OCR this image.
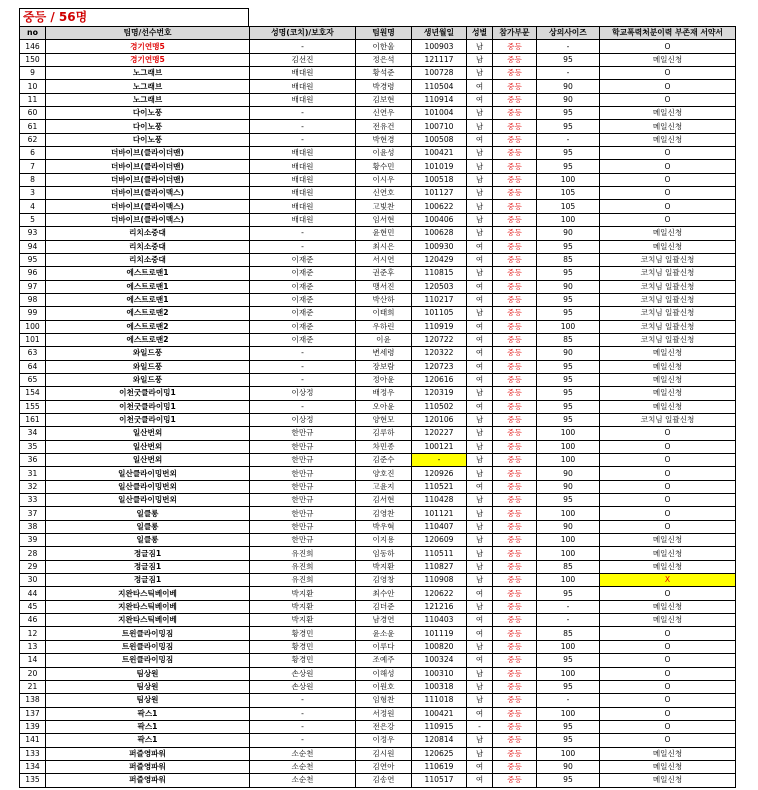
중등 / 56명
no	팀명/선수번호	성명(코치)/보호자	팀원명	생년월일	성별	참가부문	상의사이즈	학교폭력처분이력 부존재 서약서
146	경기연맹5	-	이한울	100903	남	중등	-	O
150	경기연맹5	김선진	정은석	121117	남	중등	95	메일신청
9	노그래브	배대원	황석준	100728	남	중등	-	O
10	노그래브	배대원	박경령	110504	여	중등	90	O
11	노그래브	배대원	김보현	110914	여	중등	90	O
60	다이노풍	-	신연우	101004	남	중등	95	메일신청
61	다이노풍	-	전유건	100710	남	중등	95	메일신청
62	다이노풍	-	박현경	100508	여	중등	-	메일신청
6	더바이브(클라이더맨)	배대원	이윤성	100421	남	중등	95	O
7	더바이브(클라이더맨)	배대원	황수민	101019	남	중등	95	O
8	더바이브(클라이더맨)	배대원	이시우	100518	남	중등	100	O
3	더바이브(클라이맥스)	배대원	신연호	101127	남	중등	105	O
4	더바이브(클라이맥스)	배대원	고빛찬	100622	남	중등	105	O
5	더바이브(클라이맥스)	배대원	임서현	100406	남	중등	100	O
93	리치소중대	-	윤현민	100628	남	중등	90	메일신청
94	리치소중대	-	최시은	100930	여	중등	95	메일신청
95	리치소중대	이재준	서시연	120429	여	중등	85	코치님 일괄신청
96	에스트로맨1	이재준	권준후	110815	남	중등	95	코치님 일괄신청
97	에스트로맨1	이재준	맹서진	120503	여	중등	90	코치님 일괄신청
98	에스트로맨1	이재준	박산하	110217	여	중등	95	코치님 일괄신청
99	에스트로맨2	이재준	이태희	101105	남	중등	95	코치님 일괄신청
100	에스트로맨2	이재준	우하린	110919	여	중등	100	코치님 일괄신청
101	에스트로맨2	이재준	이윤	120722	여	중등	85	코치님 일괄신청
63	와일드풍	-	변세령	120322	여	중등	90	메일신청
64	와일드풍	-	장보람	120723	여	중등	95	메일신청
65	와일드풍	-	정아윤	120616	여	중등	95	메일신청
154	이천굿클라이밍1	이상정	배정우	120319	남	중등	95	메일신청
155	이천굿클라이밍1	-	오아윤	110502	여	중등	95	메일신청
161	이천굿클라이밍1	이상정	양현모	120106	남	중등	95	코치님 일괄신청
34	일산번외	한만규	김루하	120227	남	중등	100	O
35	일산번외	한만규	차민종	100121	남	중등	100	O
36	일산번외	한만규	김준수	-	남	중등	100	O
31	일산클라이밍번외	한만규	양호진	120926	남	중등	90	O
32	일산클라이밍번외	한만규	고윤지	110521	여	중등	90	O
33	일산클라이밍번외	한만규	김서현	110428	남	중등	95	O
37	일클롱	한만규	김영찬	101121	남	중등	100	O
38	일클롱	한만규	박우혁	110407	남	중등	90	O
39	일클롱	한만규	이지용	120609	남	중등	100	메일신청
28	정글짐1	유진희	임동하	110511	남	중등	100	메일신청
29	정글짐1	유진희	박지환	110827	남	중등	85	메일신청
30	정글짐1	유진희	김영창	110908	남	중등	100	X
44	지완타스틱베이베	박지환	최수안	120622	여	중등	95	O
45	지완타스틱베이베	박지환	김더준	121216	남	중등	-	메일신청
46	지완타스틱베이베	박지환	남경연	110403	여	중등	-	메일신청
12	트윈클라이밍짐	황경민	윤소윤	101119	여	중등	85	O
13	트윈클라이밍짐	황경민	이루다	100820	남	중등	100	O
14	트윈클라이밍짐	황경민	조예주	100324	여	중등	95	O
20	팀상원	손상원	이해성	100310	남	중등	100	O
21	팀상원	손상원	이원호	100318	남	중등	95	O
138	팀상원	-	임형찬	111018	남	중등	-	O
137	팍스1	-	서정원	100421	여	중등	100	O
139	팍스1	-	전은강	110915	-	중등	95	O
141	팍스1	-	이정우	120814	남	중등	95	O
133	퍼즐영파워	소순천	김시원	120625	남	중등	100	메일신청
134	퍼즐영파워	소순천	김연아	110619	여	중등	90	메일신청
135	퍼즐영파워	소순천	김송연	110517	여	중등	95	메일신청
